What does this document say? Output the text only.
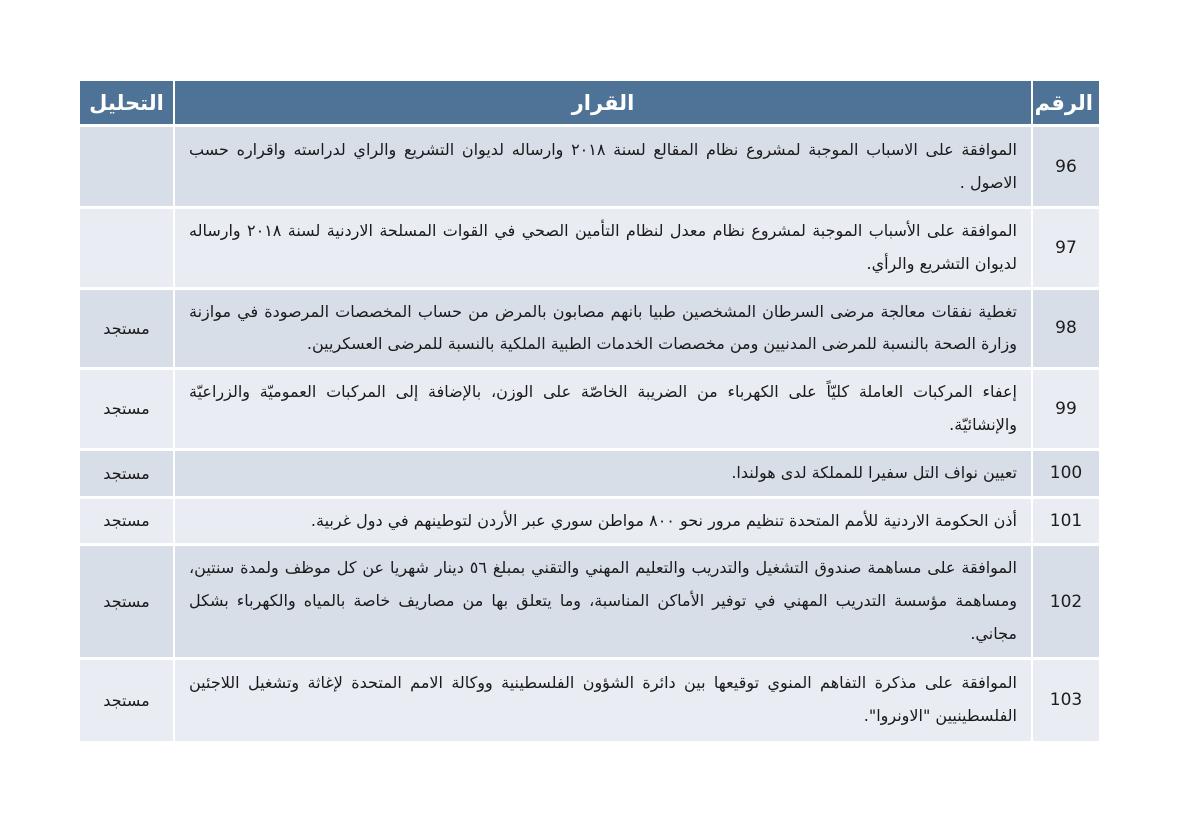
الرقم	القرار	التحليل
96	الموافقة على الاسباب الموجبة لمشروع نظام المقالع لسنة ٢٠١٨ وارساله لديوان التشريع والراي لدراسته واقراره حسب الاصول .	
97	الموافقة على الأسباب الموجبة لمشروع نظام معدل لنظام التأمين الصحي في القوات المسلحة الاردنية لسنة ٢٠١٨ وارساله لديوان التشريع والرأي.	
98	تغطية نفقات معالجة مرضى السرطان المشخصين طبيا بانهم مصابون بالمرض من حساب المخصصات المرصودة في موازنة وزارة الصحة بالنسبة للمرضى المدنيين ومن مخصصات الخدمات الطبية الملكية بالنسبة للمرضى العسكريين.	مستجد
99	إعفاء المركبات العاملة كليّاً على الكهرباء من الضريبة الخاصّة على الوزن، بالإضافة إلى المركبات العموميّة والزراعيّة والإنشائيّة.	مستجد
100	تعيين نواف التل سفيرا للمملكة لدى هولندا.	مستجد
101	أذن الحكومة الاردنية للأمم المتحدة تنظيم مرور نحو ٨٠٠ مواطن سوري عبر الأردن لتوطينهم في دول غربية.	مستجد
102	الموافقة على مساهمة صندوق التشغيل والتدريب والتعليم المهني والتقني بمبلغ ٥٦ دينار شهريا عن كل موظف ولمدة سنتين، ومساهمة مؤسسة التدريب المهني في توفير الأماكن المناسبة، وما يتعلق بها من مصاريف خاصة بالمياه والكهرباء بشكل مجاني.	مستجد
103	الموافقة على مذكرة التفاهم المنوي توقيعها بين دائرة الشؤون الفلسطينية ووكالة الامم المتحدة لإغاثة وتشغيل اللاجئين الفلسطينيين "الاونروا".	مستجد
